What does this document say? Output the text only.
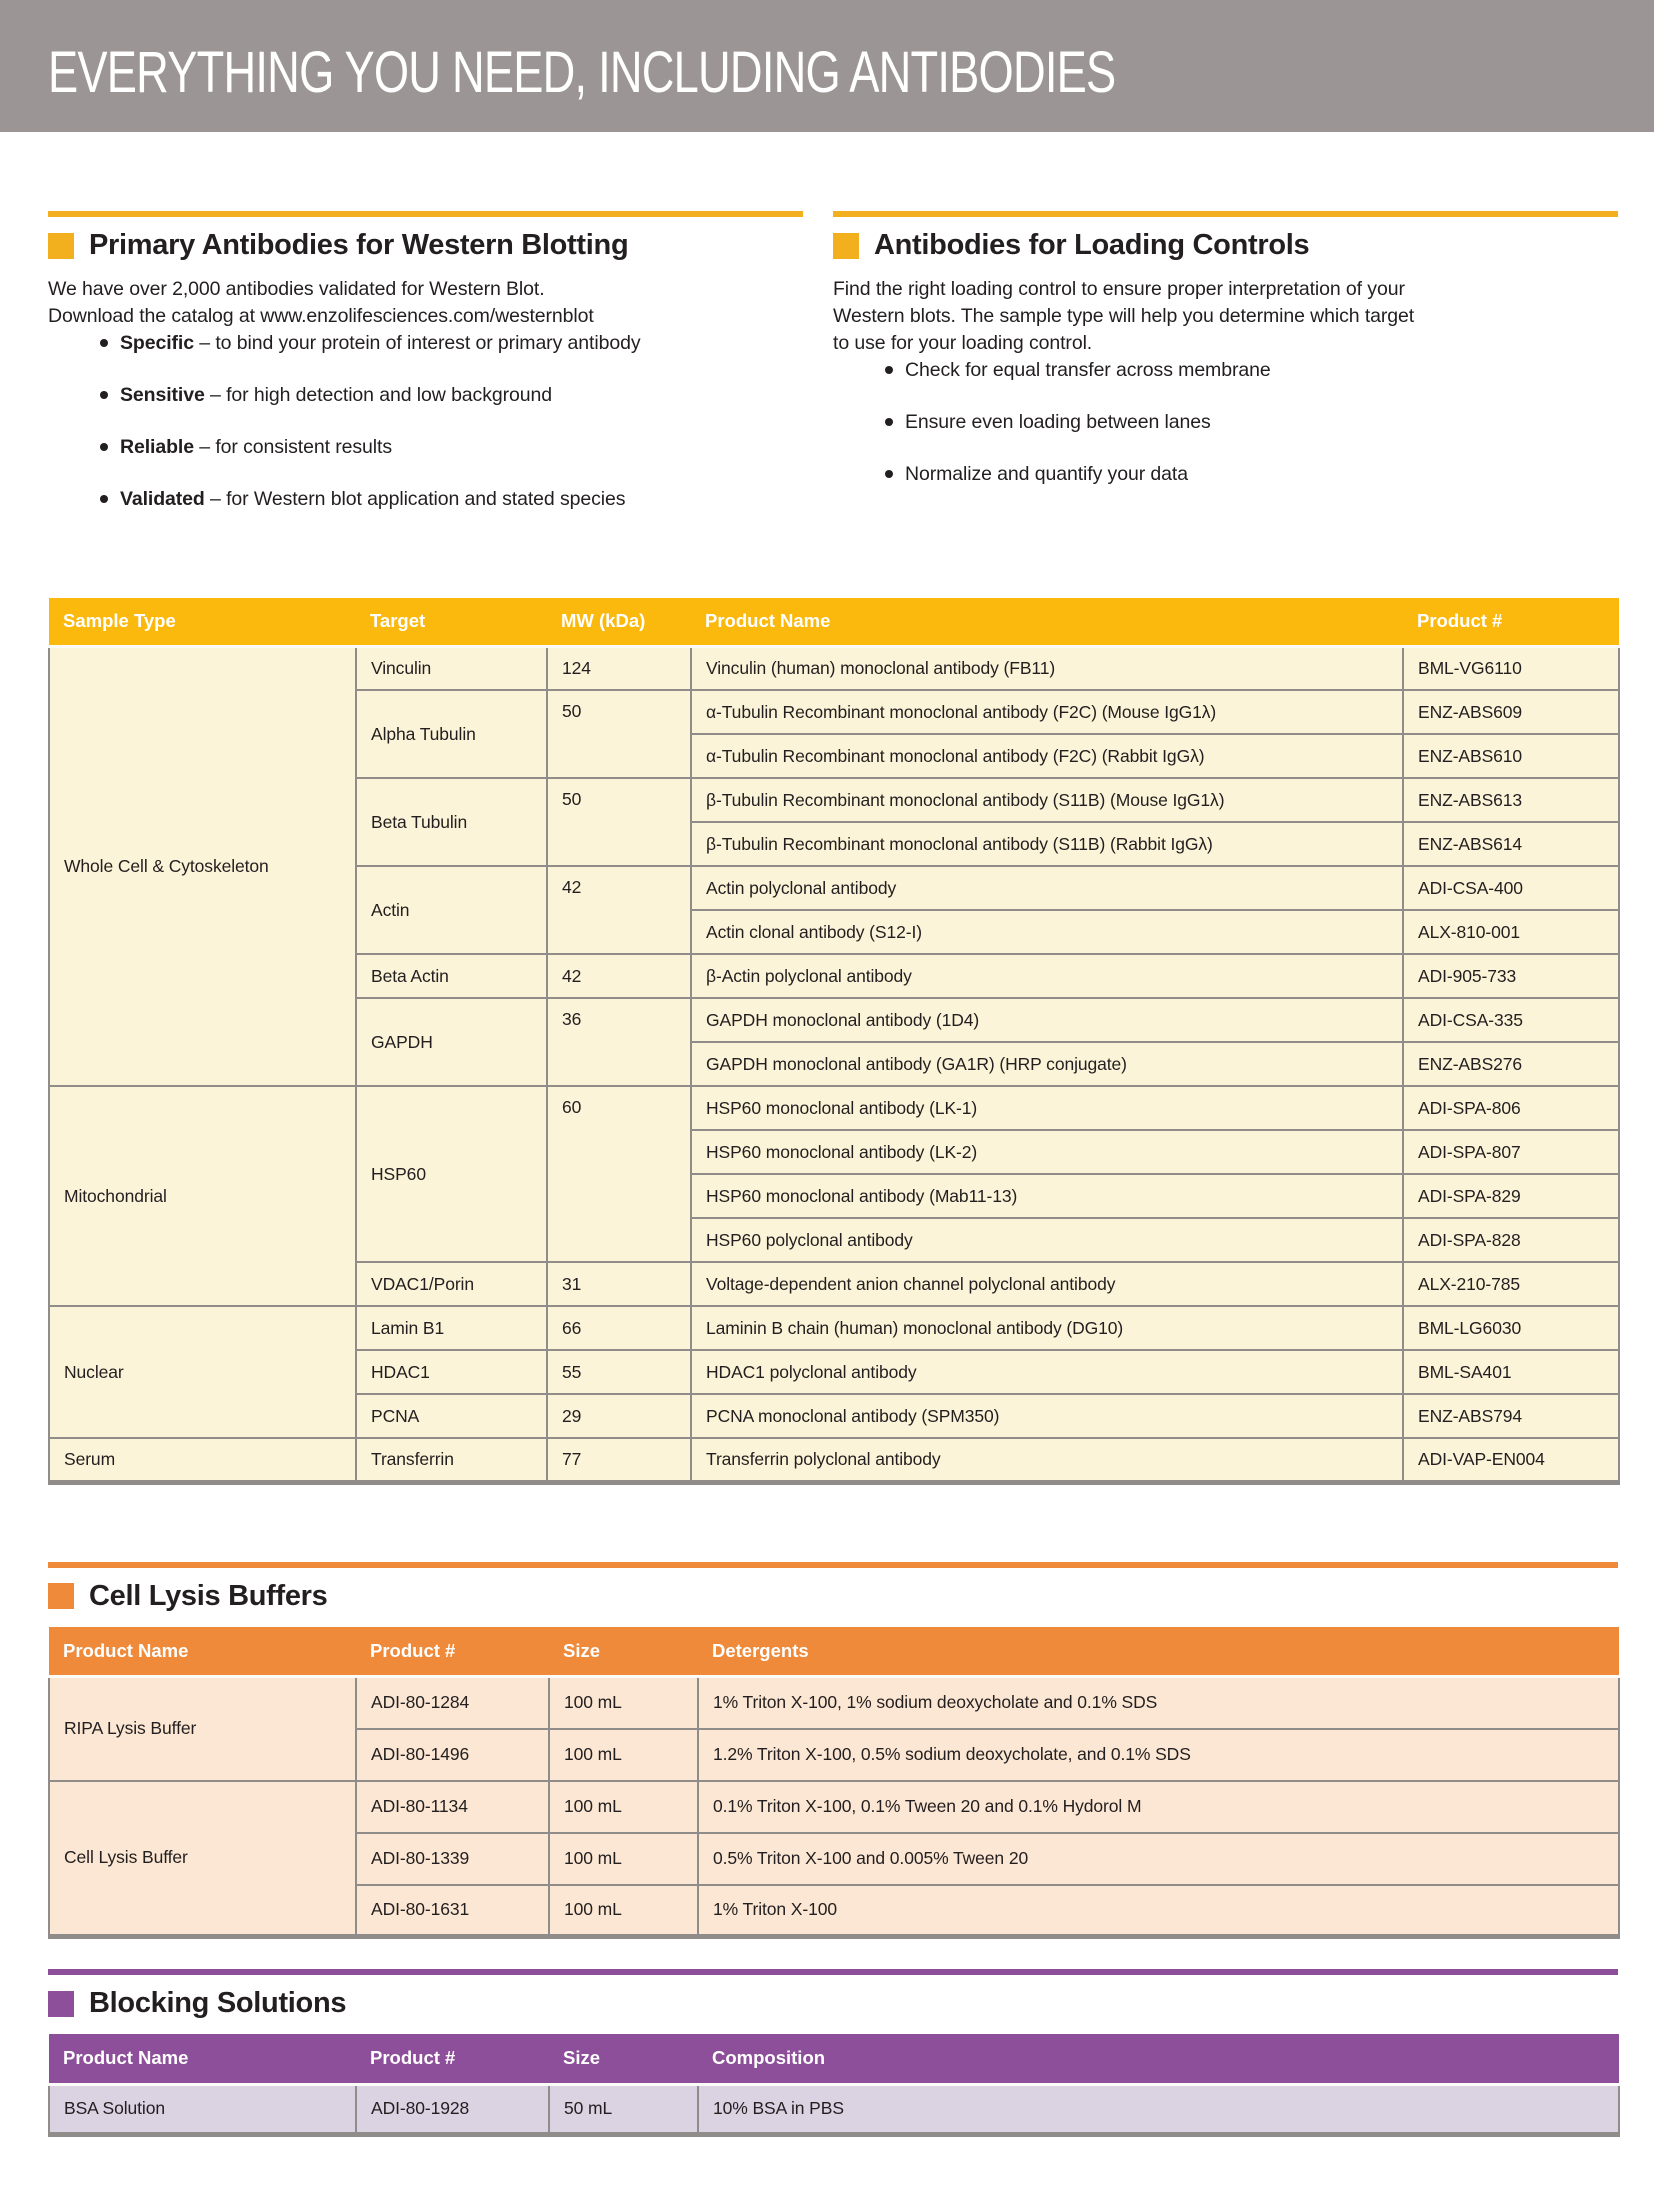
EVERYTHING YOU NEED, INCLUDING ANTIBODIES
Primary Antibodies for Western Blotting

We have over 2,000 antibodies validated for Western Blot.
Download the catalog at www.enzolifesciences.com/westernblot

Specific – to bind your protein of interest or primary antibody
Sensitive – for high detection and low background
Reliable – for consistent results
Validated – for Western blot application and stated species
Antibodies for Loading Controls

Find the right loading control to ensure proper interpretation of your
Western blots. The sample type will help you determine which target
to use for your loading control.

Check for equal transfer across membrane
Ensure even loading between lanes
Normalize and quantify your data
Sample Type	Target	MW (kDa)	Product Name	Product #
Whole Cell & Cytoskeleton	Vinculin	124	Vinculin (human) monoclonal antibody (FB11)	BML-VG6110
	Alpha Tubulin	50	α-Tubulin Recombinant monoclonal antibody (F2C) (Mouse IgG1λ)	ENZ-ABS609
			α-Tubulin Recombinant monoclonal antibody (F2C) (Rabbit IgGλ)	ENZ-ABS610
	Beta Tubulin	50	β-Tubulin Recombinant monoclonal antibody (S11B) (Mouse IgG1λ)	ENZ-ABS613
			β-Tubulin Recombinant monoclonal antibody (S11B) (Rabbit IgGλ)	ENZ-ABS614
	Actin	42	Actin polyclonal antibody	ADI-CSA-400
			Actin clonal antibody (S12-I)	ALX-810-001
	Beta Actin	42	β-Actin polyclonal antibody	ADI-905-733
	GAPDH	36	GAPDH monoclonal antibody (1D4)	ADI-CSA-335
			GAPDH monoclonal antibody (GA1R) (HRP conjugate)	ENZ-ABS276
Mitochondrial	HSP60	60	HSP60 monoclonal antibody (LK-1)	ADI-SPA-806
			HSP60 monoclonal antibody (LK-2)	ADI-SPA-807
			HSP60 monoclonal antibody (Mab11-13)	ADI-SPA-829
			HSP60 polyclonal antibody	ADI-SPA-828
	VDAC1/Porin	31	Voltage-dependent anion channel polyclonal antibody	ALX-210-785
Nuclear	Lamin B1	66	Laminin B chain (human) monoclonal antibody (DG10)	BML-LG6030
	HDAC1	55	HDAC1 polyclonal antibody	BML-SA401
	PCNA	29	PCNA monoclonal antibody (SPM350)	ENZ-ABS794
Serum	Transferrin	77	Transferrin polyclonal antibody	ADI-VAP-EN004
Cell Lysis Buffers
Product Name	Product #	Size	Detergents
RIPA Lysis Buffer	ADI-80-1284	100 mL	1% Triton X-100, 1% sodium deoxycholate and 0.1% SDS
	ADI-80-1496	100 mL	1.2% Triton X-100, 0.5% sodium deoxycholate, and 0.1% SDS
Cell Lysis Buffer	ADI-80-1134	100 mL	0.1% Triton X-100, 0.1% Tween 20 and 0.1% Hydorol M
	ADI-80-1339	100 mL	0.5% Triton X-100 and 0.005% Tween 20
	ADI-80-1631	100 mL	1% Triton X-100
Blocking Solutions
Product Name	Product #	Size	Composition
BSA Solution	ADI-80-1928	50 mL	10% BSA in PBS
